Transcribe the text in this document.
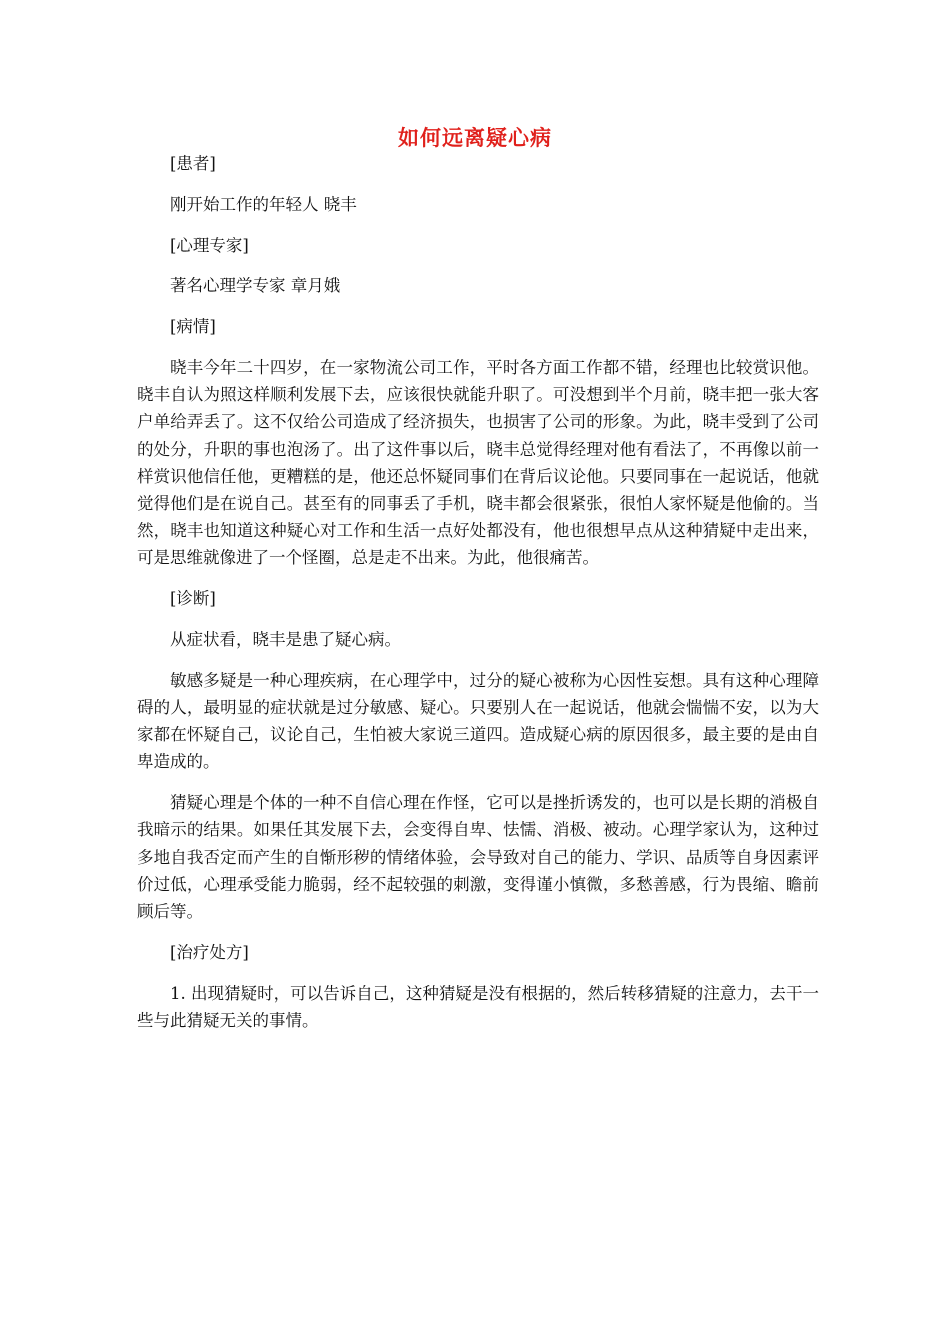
如何远离疑心病

[患者]

刚开始工作的年轻人 晓丰

[心理专家]

著名心理学专家 章月娥

[病情]

晓丰今年二十四岁，在一家物流公司工作，平时各方面工作都不错，经理也比较赏识他。晓丰自认为照这样顺利发展下去，应该很快就能升职了。可没想到半个月前，晓丰把一张大客户单给弄丢了。这不仅给公司造成了经济损失，也损害了公司的形象。为此，晓丰受到了公司的处分，升职的事也泡汤了。出了这件事以后，晓丰总觉得经理对他有看法了，不再像以前一样赏识他信任他，更糟糕的是，他还总怀疑同事们在背后议论他。只要同事在一起说话，他就觉得他们是在说自己。甚至有的同事丢了手机，晓丰都会很紧张，很怕人家怀疑是他偷的。当然，晓丰也知道这种疑心对工作和生活一点好处都没有，他也很想早点从这种猜疑中走出来，可是思维就像进了一个怪圈，总是走不出来。为此，他很痛苦。

[诊断]

从症状看，晓丰是患了疑心病。

敏感多疑是一种心理疾病，在心理学中，过分的疑心被称为心因性妄想。具有这种心理障碍的人，最明显的症状就是过分敏感、疑心。只要别人在一起说话，他就会惴惴不安，以为大家都在怀疑自己，议论自己，生怕被大家说三道四。造成疑心病的原因很多，最主要的是由自卑造成的。

猜疑心理是个体的一种不自信心理在作怪，它可以是挫折诱发的，也可以是长期的消极自我暗示的结果。如果任其发展下去，会变得自卑、怯懦、消极、被动。心理学家认为，这种过多地自我否定而产生的自惭形秽的情绪体验，会导致对自己的能力、学识、品质等自身因素评价过低，心理承受能力脆弱，经不起较强的刺激，变得谨小慎微，多愁善感，行为畏缩、瞻前顾后等。

[治疗处方]

1. 出现猜疑时，可以告诉自己，这种猜疑是没有根据的，然后转移猜疑的注意力，去干一些与此猜疑无关的事情。
